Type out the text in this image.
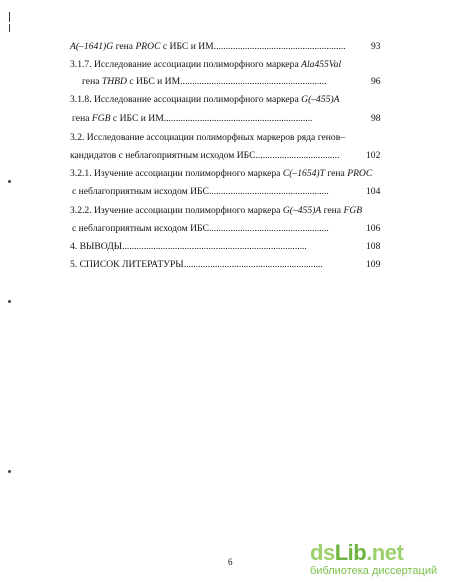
A(–1641)G гена PROC с ИБС и ИМ.......................................................	93
3.1.7. Исследование ассоциации полиморфного маркера Ala455Val
гена THBD с ИБС и ИМ.............................................................	96
3.1.8. Исследование ассоциации полиморфного маркера G(–455)A
гена FGB с ИБС и ИМ..............................................................	98
3.2. Исследование ассоциации полиморфных маркеров ряда генов–
кандидатов с неблагоприятным исходом ИБС...................................	102
3.2.1. Изучение ассоциации полиморфного маркера C(–1654)T гена PROC
с неблагоприятным исходом ИБС..................................................	104
3.2.2. Изучение ассоциации полиморфного маркера G(–455)A гена FGB
с неблагоприятным исходом ИБС..................................................	106
4. ВЫВОДЫ.............................................................................	108
5. СПИСОК ЛИТЕРАТУРЫ..........................................................	109
6	dsLib.net
библиотека диссертаций
